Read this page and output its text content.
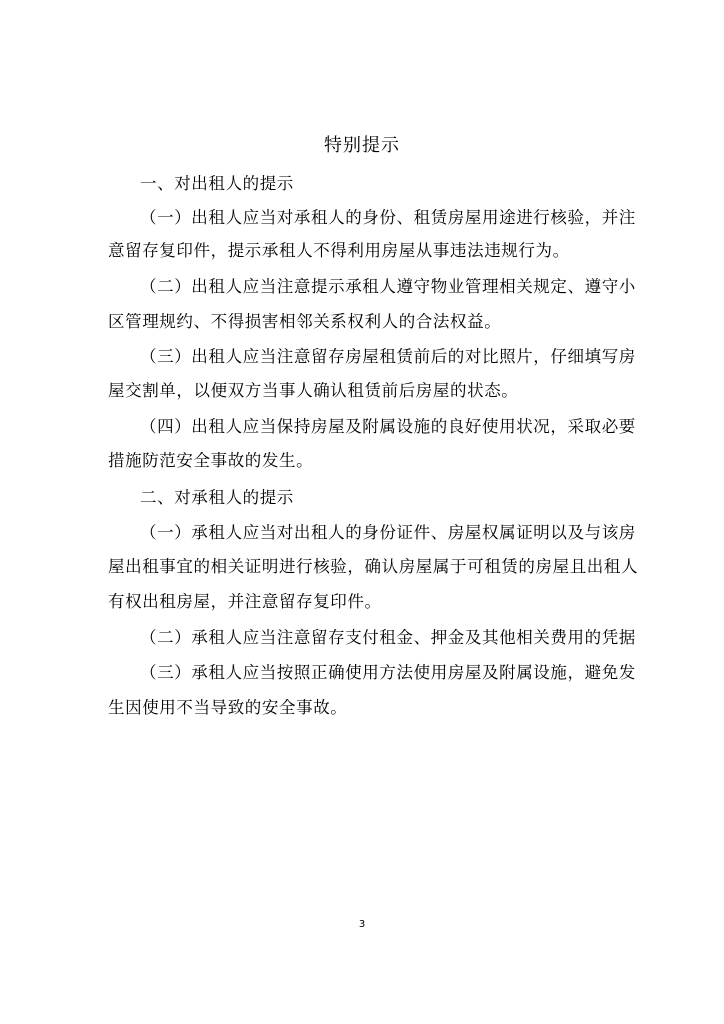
特别提示
一、对出租人的提示
（一）出租人应当对承租人的身份、租赁房屋用途进行核验，并注
意留存复印件，提示承租人不得利用房屋从事违法违规行为。
（二）出租人应当注意提示承租人遵守物业管理相关规定、遵守小
区管理规约、不得损害相邻关系权利人的合法权益。
（三）出租人应当注意留存房屋租赁前后的对比照片，仔细填写房
屋交割单，以便双方当事人确认租赁前后房屋的状态。
（四）出租人应当保持房屋及附属设施的良好使用状况，采取必要
措施防范安全事故的发生。
二、对承租人的提示
（一）承租人应当对出租人的身份证件、房屋权属证明以及与该房
屋出租事宜的相关证明进行核验，确认房屋属于可租赁的房屋且出租人
有权出租房屋，并注意留存复印件。
（二）承租人应当注意留存支付租金、押金及其他相关费用的凭据
（三）承租人应当按照正确使用方法使用房屋及附属设施，避免发
生因使用不当导致的安全事故。
3
